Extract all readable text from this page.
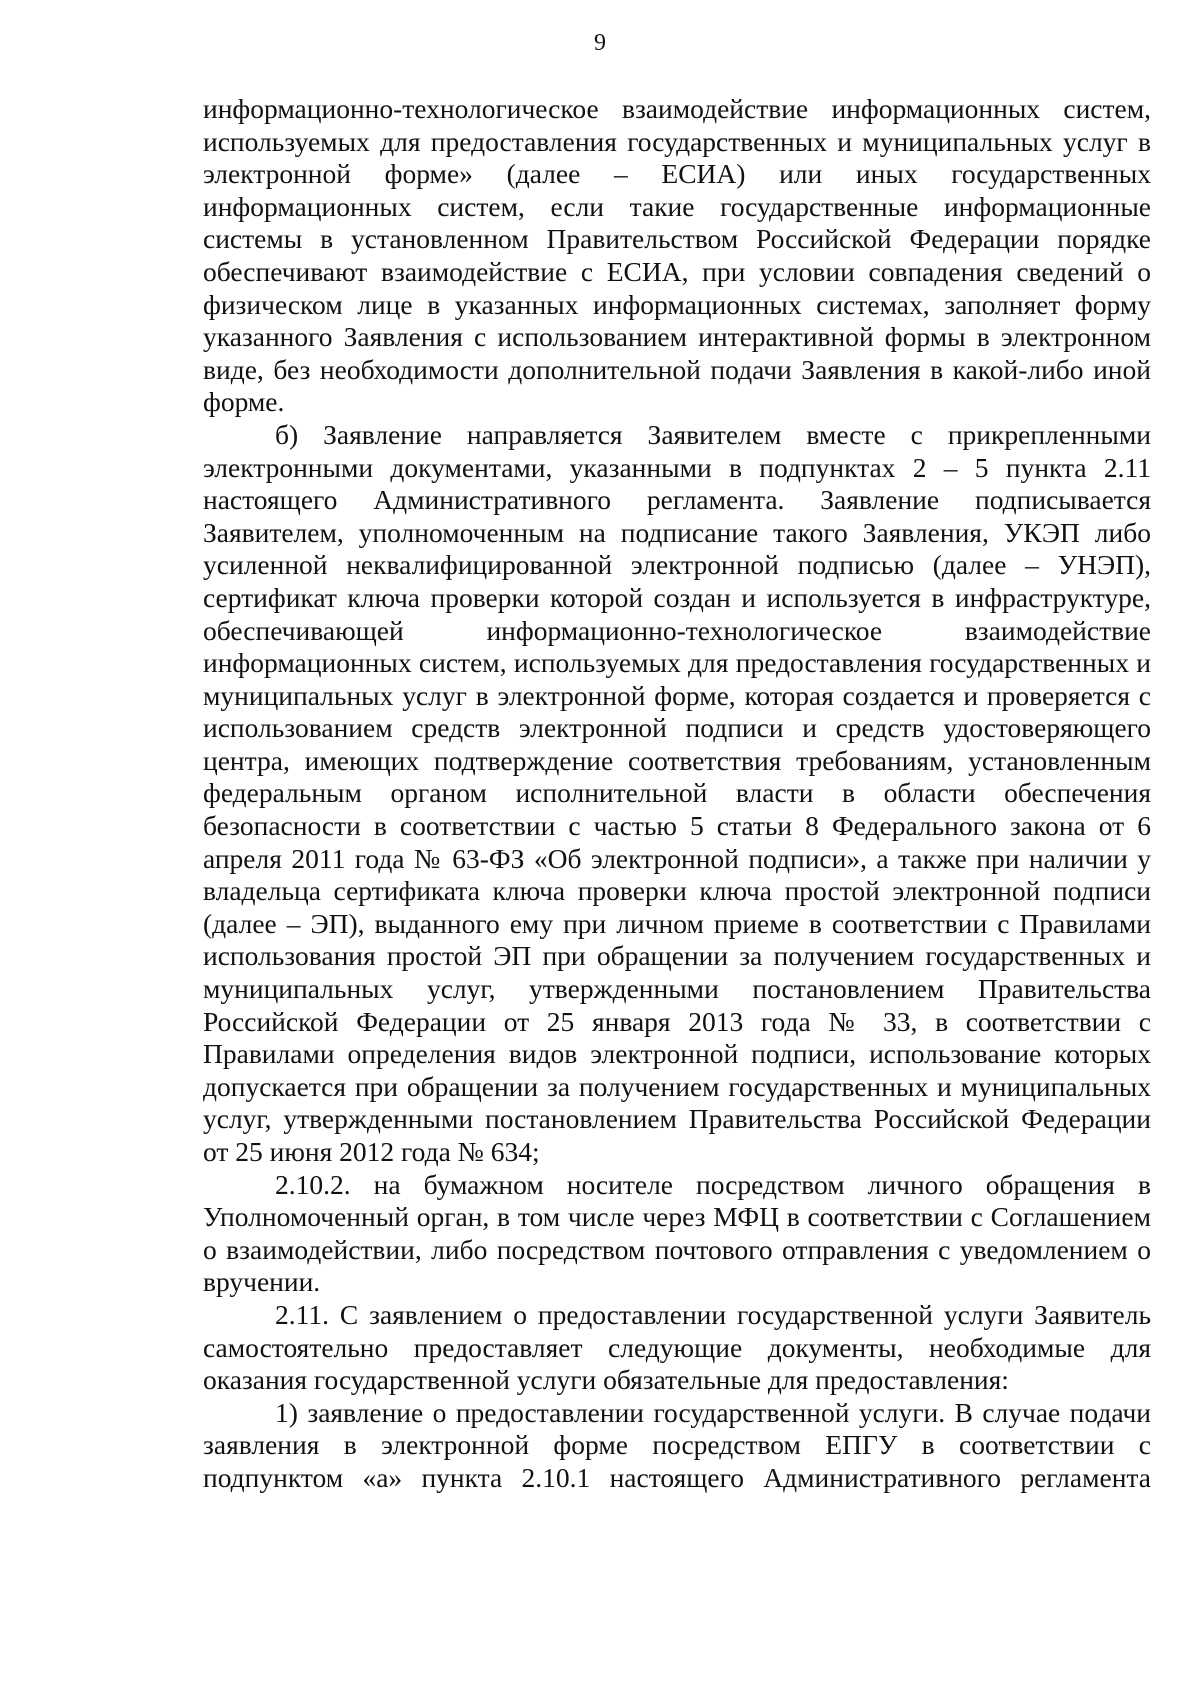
9

информационно-технологическое взаимодействие информационных систем, используемых для предоставления государственных и муниципальных услуг в электронной форме» (далее – ЕСИА) или иных государственных информационных систем, если такие государственные информационные системы в установленном Правительством Российской Федерации порядке обеспечивают взаимодействие с ЕСИА, при условии совпадения сведений о физическом лице в указанных информационных системах, заполняет форму указанного Заявления с использованием интерактивной формы в электронном виде, без необходимости дополнительной подачи Заявления в какой-либо иной форме.

б) Заявление направляется Заявителем вместе с прикрепленными электронными документами, указанными в подпунктах 2 – 5 пункта 2.11 настоящего Административного регламента. Заявление подписывается Заявителем, уполномоченным на подписание такого Заявления, УКЭП либо усиленной неквалифицированной электронной подписью (далее – УНЭП), сертификат ключа проверки которой создан и используется в инфраструктуре, обеспечивающей информационно-технологическое взаимодействие информационных систем, используемых для предоставления государственных и муниципальных услуг в электронной форме, которая создается и проверяется с использованием средств электронной подписи и средств удостоверяющего центра, имеющих подтверждение соответствия требованиям, установленным федеральным органом исполнительной власти в области обеспечения безопасности в соответствии с частью 5 статьи 8 Федерального закона от 6 апреля 2011 года № 63-ФЗ «Об электронной подписи», а также при наличии у владельца сертификата ключа проверки ключа простой электронной подписи (далее – ЭП), выданного ему при личном приеме в соответствии с Правилами использования простой ЭП при обращении за получением государственных и муниципальных услуг, утвержденными постановлением Правительства Российской Федерации от 25 января 2013 года № 33, в соответствии с Правилами определения видов электронной подписи, использование которых допускается при обращении за получением государственных и муниципальных услуг, утвержденными постановлением Правительства Российской Федерации от 25 июня 2012 года № 634;

2.10.2. на бумажном носителе посредством личного обращения в Уполномоченный орган, в том числе через МФЦ в соответствии с Соглашением о взаимодействии, либо посредством почтового отправления с уведомлением о вручении.

2.11. С заявлением о предоставлении государственной услуги Заявитель самостоятельно предоставляет следующие документы, необходимые для оказания государственной услуги обязательные для предоставления:

1) заявление о предоставлении государственной услуги. В случае подачи заявления в электронной форме посредством ЕПГУ в соответствии с подпунктом «а» пункта 2.10.1 настоящего Административного регламента
